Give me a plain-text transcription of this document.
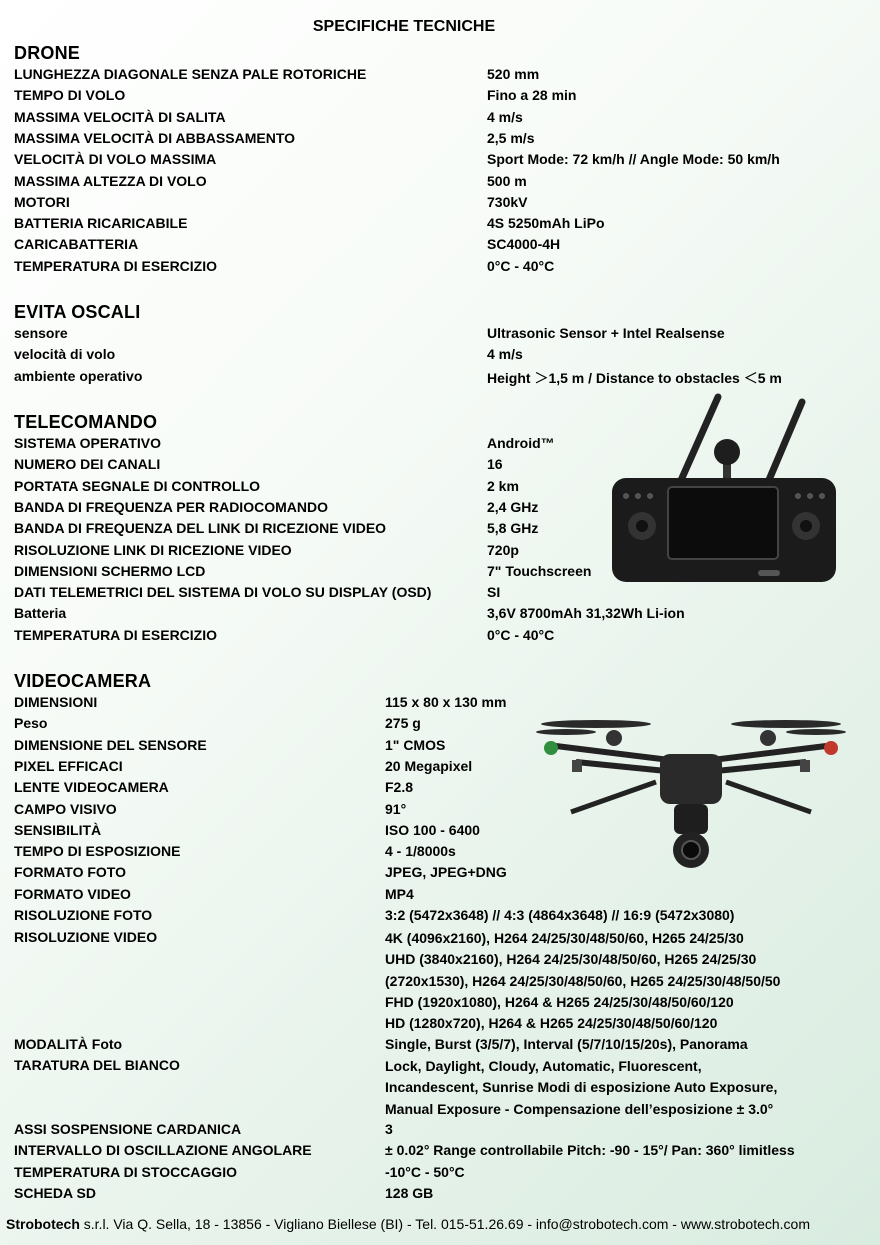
SPECIFICHE TECNICHE
DRONE
LUNGHEZZA DIAGONALE SENZA PALE ROTORICHE	520 mm
TEMPO DI VOLO	Fino a 28 min
MASSIMA VELOCITÀ DI SALITA	4 m/s
MASSIMA VELOCITÀ DI ABBASSAMENTO	2,5 m/s
VELOCITÀ DI VOLO MASSIMA	Sport Mode: 72 km/h // Angle Mode: 50 km/h
MASSIMA ALTEZZA DI VOLO	500 m
MOTORI	730kV
BATTERIA RICARICABILE	4S 5250mAh LiPo
CARICABATTERIA	SC4000-4H
TEMPERATURA DI ESERCIZIO	0°C - 40°C
EVITA OSCALI
sensore	Ultrasonic Sensor + Intel Realsense
velocità di volo	4 m/s
ambiente operativo	Height ＞1,5 m / Distance to obstacles ＜5 m
TELECOMANDO
SISTEMA OPERATIVO	Android™
NUMERO DEI CANALI	16
PORTATA SEGNALE DI CONTROLLO	2 km
BANDA DI FREQUENZA PER RADIOCOMANDO	2,4 GHz
BANDA DI FREQUENZA DEL LINK DI RICEZIONE VIDEO	5,8 GHz
RISOLUZIONE LINK DI RICEZIONE VIDEO	720p
DIMENSIONI SCHERMO LCD	7" Touchscreen
DATI TELEMETRICI DEL SISTEMA DI VOLO SU DISPLAY (OSD)	SI
Batteria	3,6V 8700mAh 31,32Wh Li-ion
TEMPERATURA DI ESERCIZIO	0°C - 40°C
VIDEOCAMERA
DIMENSIONI	115 x 80 x 130 mm
Peso	275 g
DIMENSIONE DEL SENSORE	1" CMOS
PIXEL EFFICACI	20 Megapixel
LENTE VIDEOCAMERA	F2.8
CAMPO VISIVO	91°
SENSIBILITÀ	ISO 100 - 6400
TEMPO DI ESPOSIZIONE	4 - 1/8000s
FORMATO FOTO	JPEG, JPEG+DNG
FORMATO VIDEO	MP4
RISOLUZIONE FOTO	3:2 (5472x3648) // 4:3 (4864x3648) // 16:9 (5472x3080)
RISOLUZIONE VIDEO	4K (4096x2160), H264 24/25/30/48/50/60, H265 24/25/30
UHD (3840x2160), H264 24/25/30/48/50/60, H265 24/25/30
(2720x1530), H264 24/25/30/48/50/60, H265 24/25/30/48/50/50
FHD (1920x1080), H264 & H265 24/25/30/48/50/60/120
HD (1280x720), H264 & H265 24/25/30/48/50/60/120
MODALITÀ Foto	Single, Burst (3/5/7), Interval (5/7/10/15/20s), Panorama
TARATURA DEL BIANCO	Lock, Daylight, Cloudy, Automatic, Fluorescent,
Incandescent, Sunrise Modi di esposizione Auto Exposure,
Manual Exposure - Compensazione dell’esposizione ± 3.0°
ASSI SOSPENSIONE CARDANICA	3
INTERVALLO DI OSCILLAZIONE ANGOLARE	± 0.02° Range controllabile Pitch: -90 - 15°/ Pan: 360° limitless
TEMPERATURA DI STOCCAGGIO	-10°C - 50°C
SCHEDA SD	128 GB
Strobotech s.r.l. Via Q. Sella, 18 - 13856 - Vigliano Biellese (BI) - Tel. 015-51.26.69 - info@strobotech.com - www.strobotech.com
